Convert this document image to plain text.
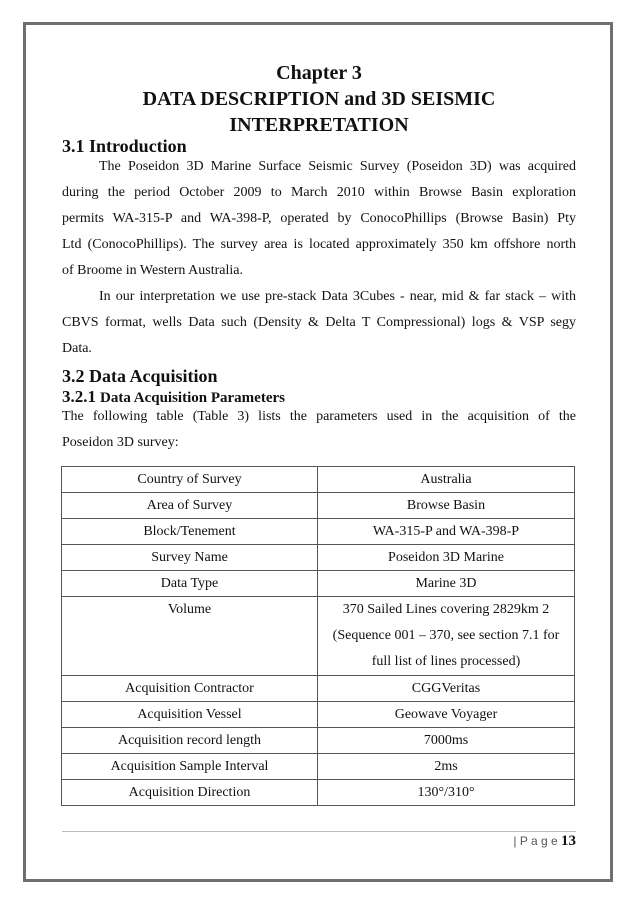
Chapter 3
DATA DESCRIPTION and 3D SEISMIC
INTERPRETATION
3.1 Introduction
The Poseidon 3D Marine Surface Seismic Survey (Poseidon 3D) was acquired
during the period October 2009 to March 2010 within Browse Basin exploration
permits WA-315-P and WA-398-P, operated by ConocoPhillips (Browse Basin) Pty
Ltd (ConocoPhillips). The survey area is located approximately 350 km offshore north
of Broome in Western Australia.
In our interpretation we use pre-stack Data 3Cubes - near, mid & far stack – with
CBVS format, wells Data such (Density & Delta T Compressional) logs & VSP segy
Data.
3.2 Data Acquisition
3.2.1 Data Acquisition Parameters
The following table (Table 3) lists the parameters used in the acquisition of the
Poseidon 3D survey:
Country of Survey	Australia

Area of Survey	Browse Basin

Block/Tenement	WA-315-P and WA-398-P

Survey Name	Poseidon 3D Marine

Data Type	Marine 3D

Volume	370 Sailed Lines covering 2829km 2
(Sequence 001 – 370, see section 7.1 for
full list of lines processed)

Acquisition Contractor	CGGVeritas

Acquisition Vessel	Geowave Voyager

Acquisition record length	7000ms

Acquisition Sample Interval	2ms

Acquisition Direction	130°/310°
| P a g e 13
